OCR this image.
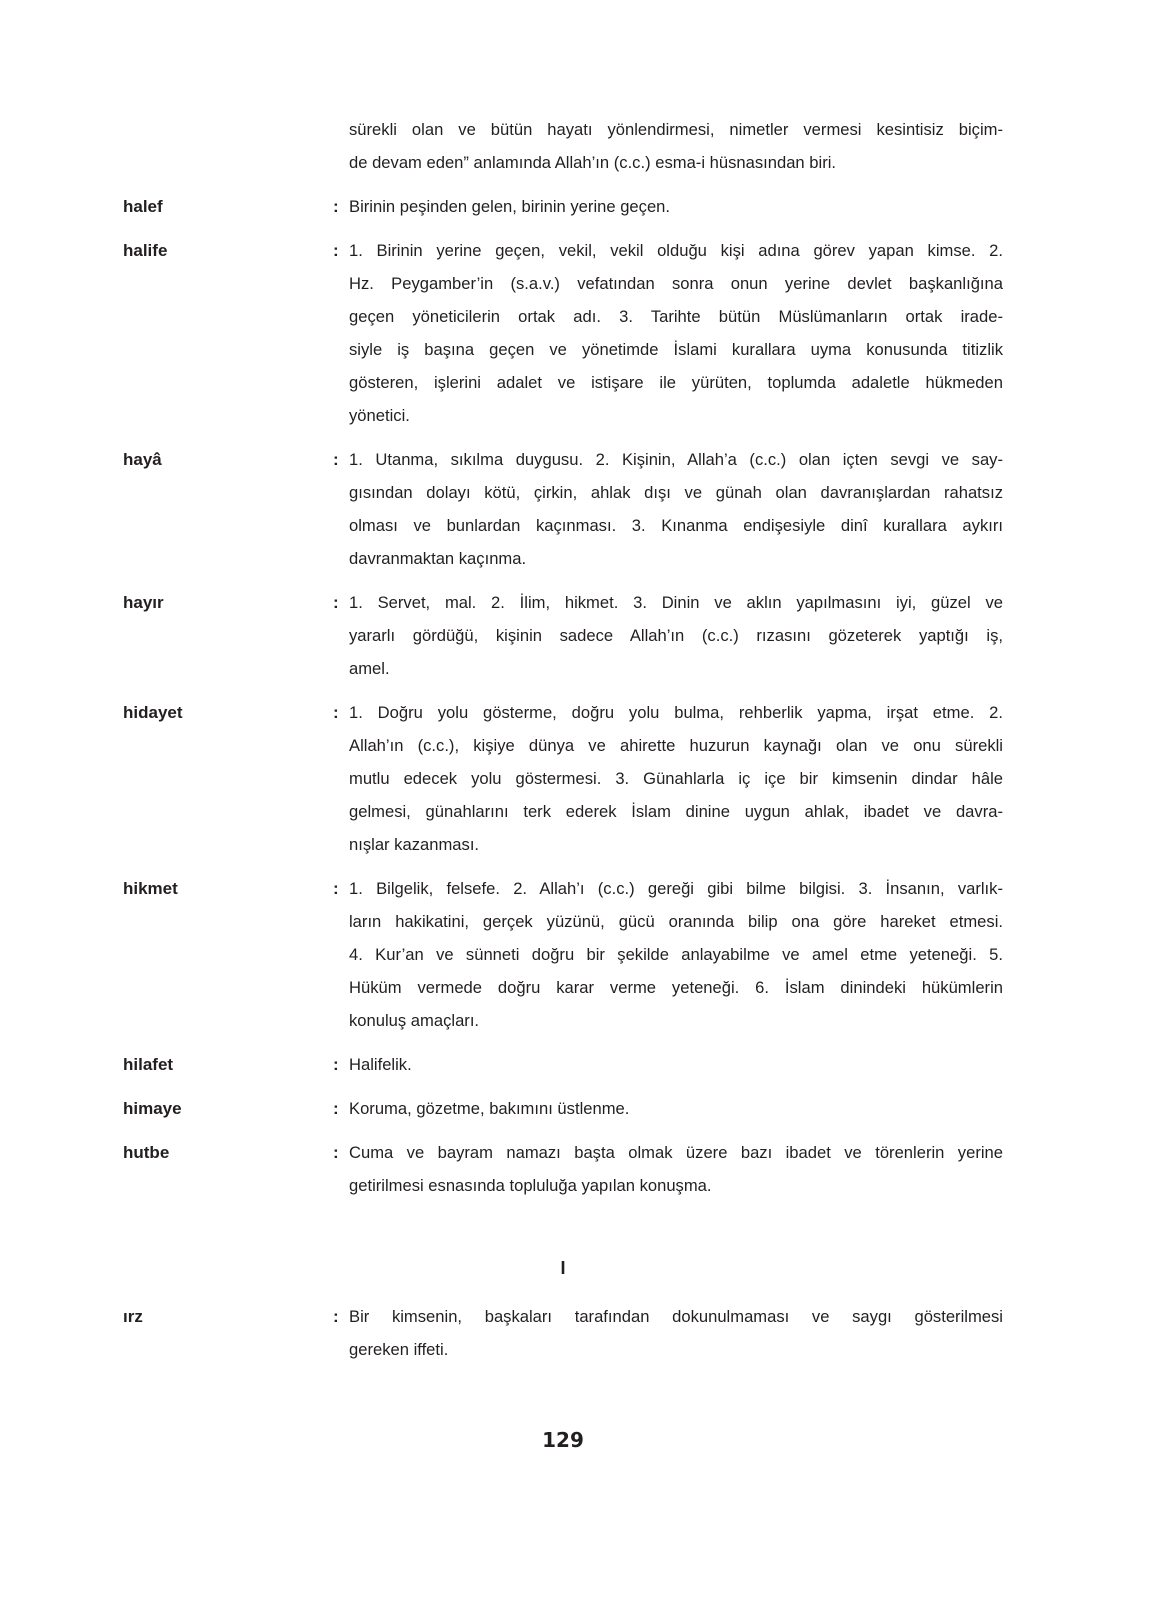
sürekli olan ve bütün hayatı yönlendirmesi, nimetler vermesi kesintisiz biçim-
de devam eden” anlamında Allah’ın (c.c.) esma-i hüsnasından biri.
halef	: Birinin peşinden gelen, birinin yerine geçen.
halife	: 1. Birinin yerine geçen, vekil, vekil olduğu kişi adına görev yapan kimse. 2.
Hz. Peygamber’in (s.a.v.) vefatından sonra onun yerine devlet başkanlığına
geçen yöneticilerin ortak adı. 3. Tarihte bütün Müslümanların ortak irade-
siyle iş başına geçen ve yönetimde İslami kurallara uyma konusunda titizlik
gösteren, işlerini adalet ve istişare ile yürüten, toplumda adaletle hükmeden
yönetici.
hayâ	: 1. Utanma, sıkılma duygusu. 2. Kişinin, Allah’a (c.c.) olan içten sevgi ve say-
gısından dolayı kötü, çirkin, ahlak dışı ve günah olan davranışlardan rahatsız
olması ve bunlardan kaçınması. 3. Kınanma endişesiyle dinî kurallara aykırı
davranmaktan kaçınma.
hayır	: 1. Servet, mal. 2. İlim, hikmet. 3. Dinin ve aklın yapılmasını iyi, güzel ve
yararlı gördüğü, kişinin sadece Allah’ın (c.c.) rızasını gözeterek yaptığı iş,
amel.
hidayet	: 1. Doğru yolu gösterme, doğru yolu bulma, rehberlik yapma, irşat etme. 2.
Allah’ın (c.c.), kişiye dünya ve ahirette huzurun kaynağı olan ve onu sürekli
mutlu edecek yolu göstermesi. 3. Günahlarla iç içe bir kimsenin dindar hâle
gelmesi, günahlarını terk ederek İslam dinine uygun ahlak, ibadet ve davra-
nışlar kazanması.
hikmet	: 1. Bilgelik, felsefe. 2. Allah’ı (c.c.) gereği gibi bilme bilgisi. 3. İnsanın, varlık-
ların hakikatini, gerçek yüzünü, gücü oranında bilip ona göre hareket etmesi.
4. Kur’an ve sünneti doğru bir şekilde anlayabilme ve amel etme yeteneği. 5.
Hüküm vermede doğru karar verme yeteneği. 6. İslam dinindeki hükümlerin
konuluş amaçları.
hilafet	: Halifelik.
himaye	: Koruma, gözetme, bakımını üstlenme.
hutbe	: Cuma ve bayram namazı başta olmak üzere bazı ibadet ve törenlerin yerine
getirilmesi esnasında topluluğa yapılan konuşma.
I
ırz	: Bir kimsenin, başkaları tarafından dokunulmaması ve saygı gösterilmesi
gereken iffeti.
129
